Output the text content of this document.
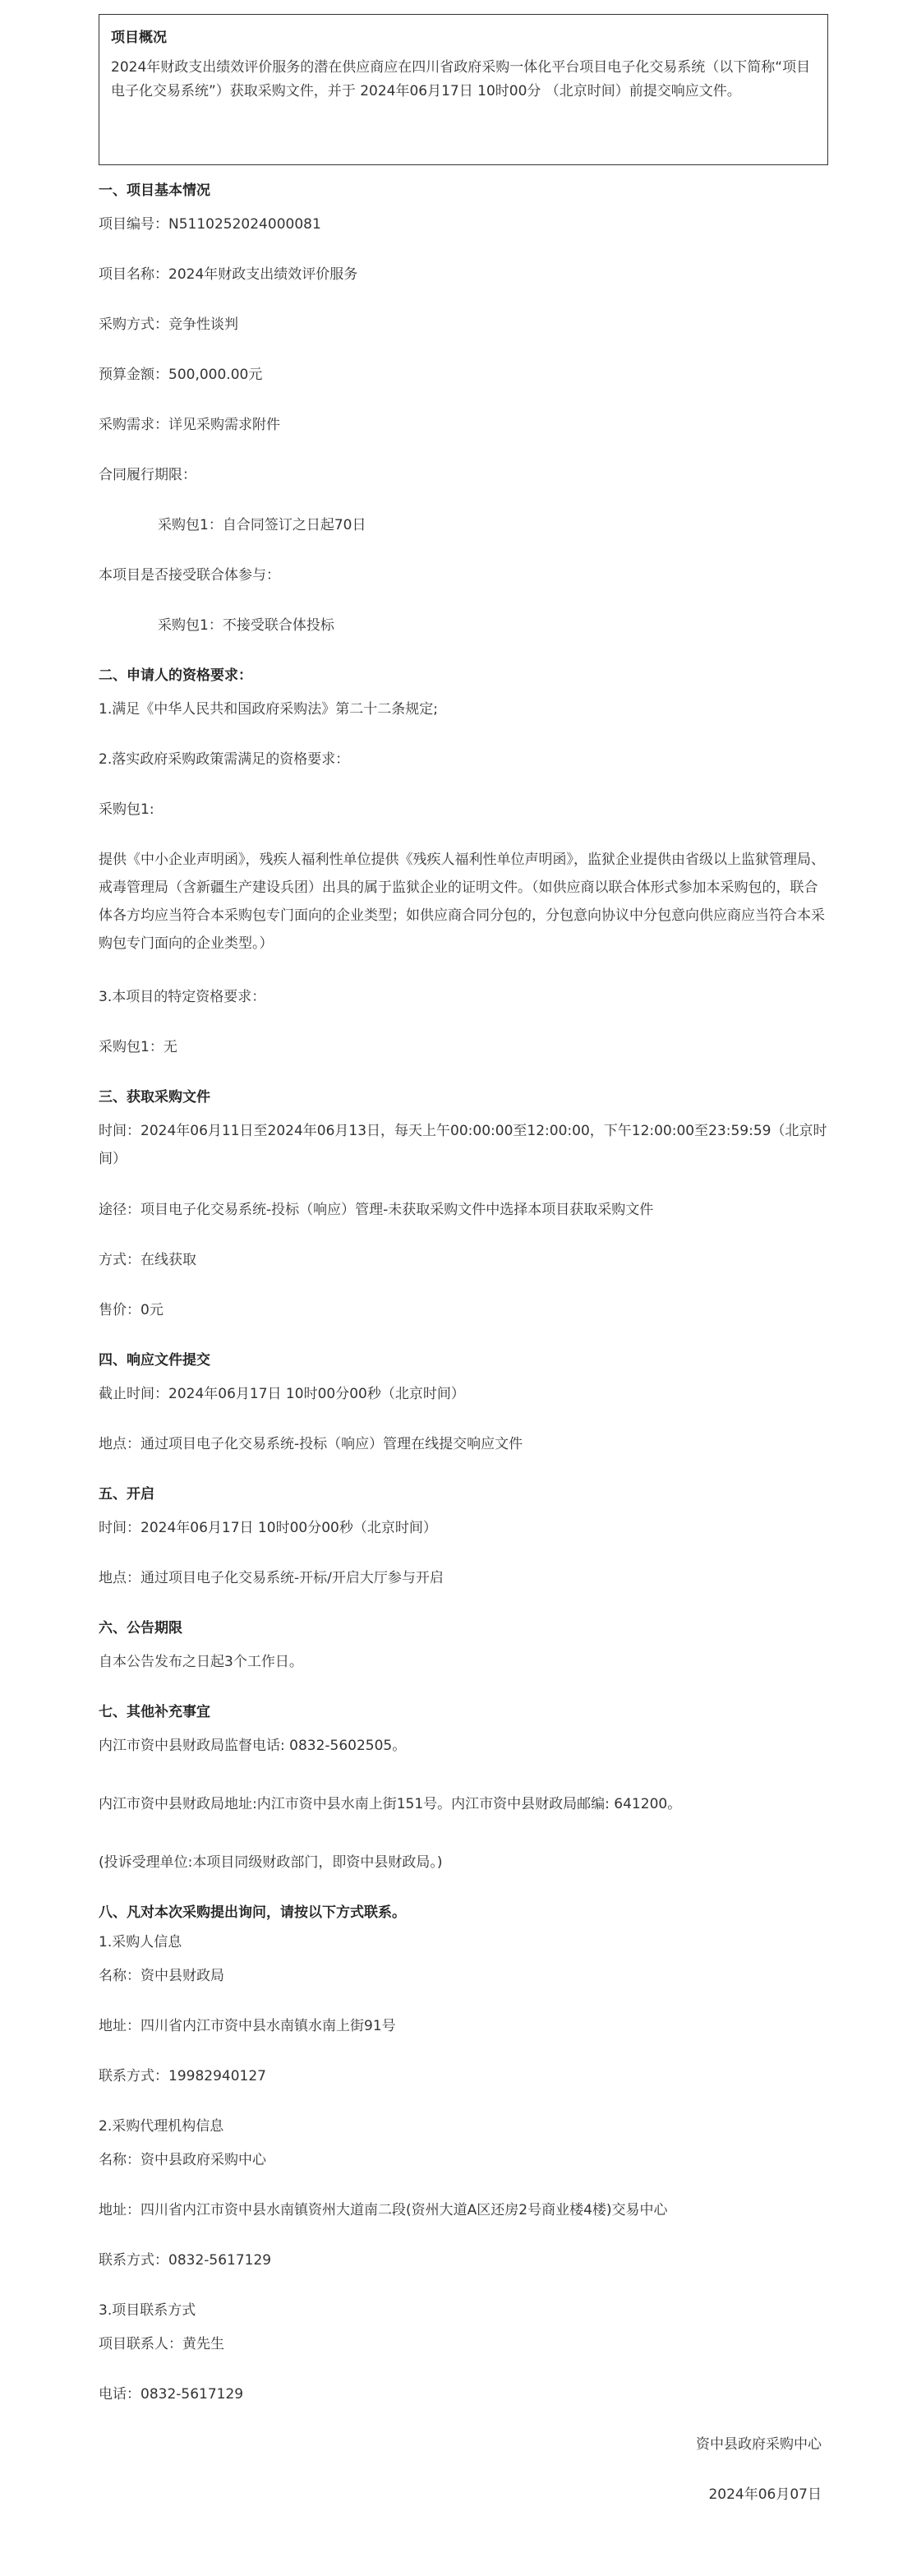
项目概况
2024年财政支出绩效评价服务的潜在供应商应在四川省政府采购一体化平台项目电子化交易系统（以下简称“项目电子化交易系统”）获取采购文件，并于 2024年06月17日 10时00分 （北京时间）前提交响应文件。
一、项目基本情况
项目编号：N5110252024000081
项目名称：2024年财政支出绩效评价服务
采购方式：竞争性谈判
预算金额：500,000.00元
采购需求：详见采购需求附件
合同履行期限：
采购包1：自合同签订之日起70日
本项目是否接受联合体参与：
采购包1：不接受联合体投标
二、申请人的资格要求：
1.满足《中华人民共和国政府采购法》第二十二条规定;
2.落实政府采购政策需满足的资格要求：
采购包1:
提供《中小企业声明函》，残疾人福利性单位提供《残疾人福利性单位声明函》，监狱企业提供由省级以上监狱管理局、戒毒管理局（含新疆生产建设兵团）出具的属于监狱企业的证明文件。（如供应商以联合体形式参加本采购包的，联合体各方均应当符合本采购包专门面向的企业类型；如供应商合同分包的，分包意向协议中分包意向供应商应当符合本采购包专门面向的企业类型。）
3.本项目的特定资格要求：
采购包1：无
三、获取采购文件
时间：2024年06月11日至2024年06月13日，每天上午00:00:00至12:00:00，下午12:00:00至23:59:59（北京时间）
途径：项目电子化交易系统-投标（响应）管理-未获取采购文件中选择本项目获取采购文件
方式：在线获取
售价：0元
四、响应文件提交
截止时间：2024年06月17日 10时00分00秒（北京时间）
地点：通过项目电子化交易系统-投标（响应）管理在线提交响应文件
五、开启
时间：2024年06月17日 10时00分00秒（北京时间）
地点：通过项目电子化交易系统-开标/开启大厅参与开启
六、公告期限
自本公告发布之日起3个工作日。
七、其他补充事宜
内江市资中县财政局监督电话: 0832-5602505。
内江市资中县财政局地址:内江市资中县水南上街151号。内江市资中县财政局邮编: 641200。
(投诉受理单位:本项目同级财政部门，即资中县财政局。)
八、凡对本次采购提出询问，请按以下方式联系。
1.采购人信息
名称：资中县财政局
地址：四川省内江市资中县水南镇水南上街91号
联系方式：19982940127
2.采购代理机构信息
名称：资中县政府采购中心
地址：四川省内江市资中县水南镇资州大道南二段(资州大道A区还房2号商业楼4楼)交易中心
联系方式：0832-5617129
3.项目联系方式
项目联系人：黄先生
电话：0832-5617129
资中县政府采购中心
2024年06月07日
